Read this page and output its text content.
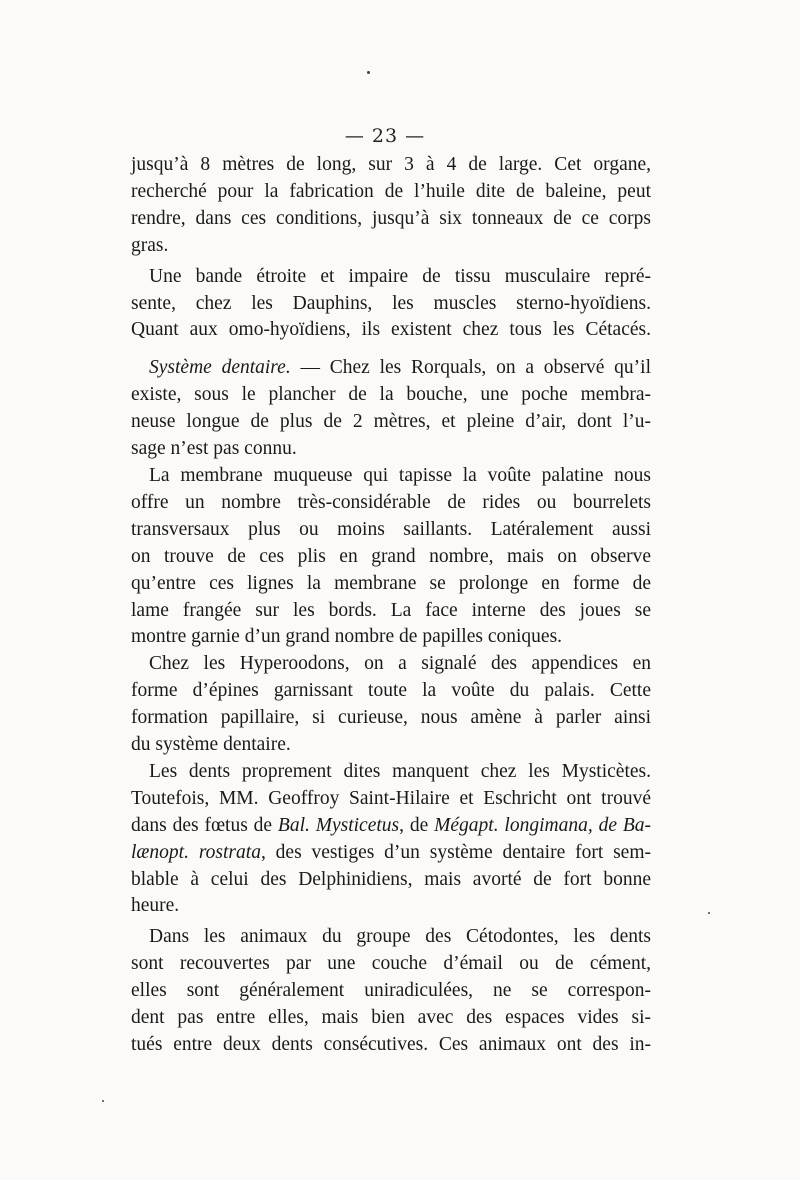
— 23 —

jusqu’à 8 mètres de long, sur 3 à 4 de large. Cet organe,
recherché pour la fabrication de l’huile dite de baleine, peut
rendre, dans ces conditions, jusqu’à six tonneaux de ce corps
gras.

Une bande étroite et impaire de tissu musculaire repré-
sente, chez les Dauphins, les muscles sterno-hyoïdiens.
Quant aux omo-hyoïdiens, ils existent chez tous les Cétacés.

Système dentaire. — Chez les Rorquals, on a observé qu’il
existe, sous le plancher de la bouche, une poche membra-
neuse longue de plus de 2 mètres, et pleine d’air, dont l’u-
sage n’est pas connu.

La membrane muqueuse qui tapisse la voûte palatine nous
offre un nombre très-considérable de rides ou bourrelets
transversaux plus ou moins saillants. Latéralement aussi
on trouve de ces plis en grand nombre, mais on observe
qu’entre ces lignes la membrane se prolonge en forme de
lame frangée sur les bords. La face interne des joues se
montre garnie d’un grand nombre de papilles coniques.

Chez les Hyperoodons, on a signalé des appendices en
forme d’épines garnissant toute la voûte du palais. Cette
formation papillaire, si curieuse, nous amène à parler ainsi
du système dentaire.

Les dents proprement dites manquent chez les Mysticètes.
Toutefois, MM. Geoffroy Saint-Hilaire et Eschricht ont trouvé
dans des fœtus de Bal. Mysticetus, de Mégapt. longimana, de Ba-
lænopt. rostrata, des vestiges d’un système dentaire fort sem-
blable à celui des Delphinidiens, mais avorté de fort bonne
heure.

Dans les animaux du groupe des Cétodontes, les dents
sont recouvertes par une couche d’émail ou de cément,
elles sont généralement uniradiculées, ne se correspon-
dent pas entre elles, mais bien avec des espaces vides si-
tués entre deux dents consécutives. Ces animaux ont des in-
